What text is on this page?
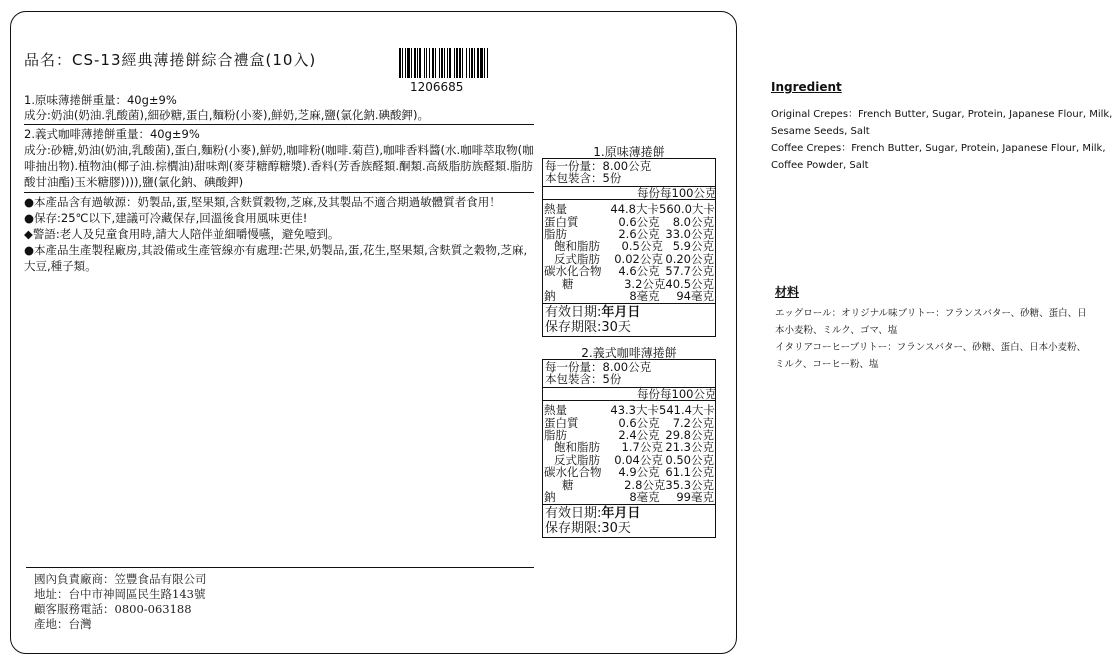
品名：CS-13經典薄捲餅綜合禮盒(10入)
1206685
1.原味薄捲餅重量：40g±9%
成分:奶油(奶油.乳酸菌),細砂糖,蛋白,麵粉(小麥),鮮奶,芝麻,鹽(氯化鈉.碘酸鉀)。
2.義式咖啡薄捲餅重量：40g±9%
成分:砂糖,奶油(奶油,乳酸菌),蛋白,麵粉(小麥),鮮奶,咖啡粉(咖啡.菊苣),咖啡香料醬(水.咖啡萃取物(咖啡抽出物).植物油(椰子油.棕櫚油)甜味劑(麥芽糖醇糖漿).香料(芳香族醛類.酮類.高級脂肪族醛類.脂肪酸甘油酯)玉米糖膠)))),鹽(氯化鈉、碘酸鉀)
●本產品含有過敏源：奶製品,蛋,堅果類,含麩質穀物,芝麻,及其製品不適合期過敏體質者食用！
●保存:25℃以下,建議可冷藏保存,回溫後食用風味更佳!
◆警語:老人及兒童食用時,請大人陪伴並細嚼慢嚥，避免噎到。
●本產品生產製程廠房,其設備或生產管線亦有處理:芒果,奶製品,蛋,花生,堅果類,含麩質之穀物,芝麻,大豆,種子類。
1.原味薄捲餅
每一份量：8.00公克
本包裝含：5份
每份 每100公克
熱量	44.8大卡 560.0大卡
蛋白質	0.6公克	8.0公克
脂肪	2.6公克 33.0公克
飽和脂肪	0.5公克 5.9公克
反式脂肪	0.02公克 0.20公克
碳水化合物	4.6公克 57.7公克
糖	3.2公克 40.5公克
鈉	8毫克	94毫克
有效日期:年月日
保存期限:30天
2.義式咖啡薄捲餅
每一份量：8.00公克
本包裝含：5份
每份 每100公克
熱量	43.3大卡 541.4大卡
蛋白質	0.6公克	7.2公克
脂肪	2.4公克 29.8公克
飽和脂肪	1.7公克 21.3公克
反式脂肪	0.04公克 0.50公克
碳水化合物	4.9公克 61.1公克
糖	2.8公克 35.3公克
鈉	8毫克	99毫克
有效日期:年月日
保存期限:30天
國內負責廠商：笠豐食品有限公司
地址：台中市神岡區民生路143號
顧客服務電話：0800-063188
產地：台灣
Ingredient
Original Crepes：French Butter, Sugar, Protein, Japanese Flour, Milk,
Sesame Seeds, Salt
Coffee Crepes：French Butter, Sugar, Protein, Japanese Flour, Milk,
Coffee Powder, Salt
材料
エッグロール：オリジナル味ブリトー：フランスバター、砂糖、蛋白、日
本小麦粉、ミルク、ゴマ、塩
イタリアコーヒーブリトー：フランスバター、砂糖、蛋白、日本小麦粉、
ミルク、コーヒー粉、塩
